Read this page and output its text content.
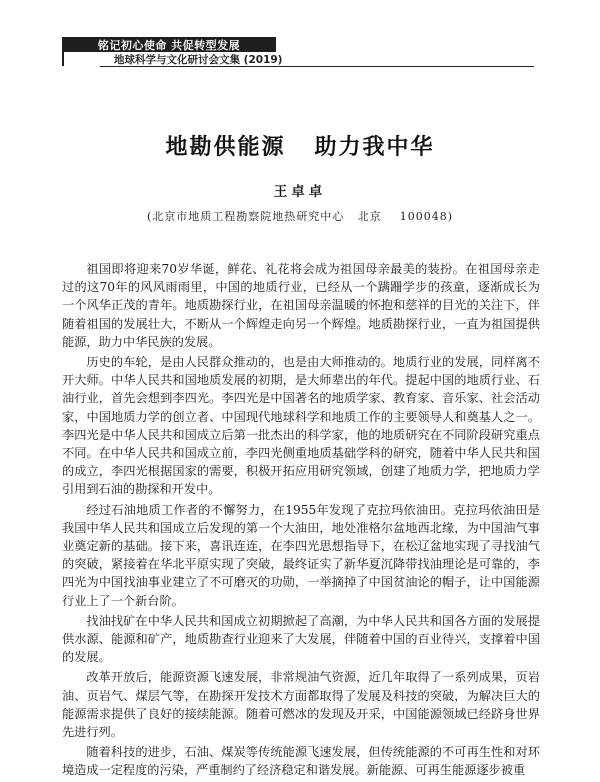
铭记初心使命 共促转型发展
地球科学与文化研讨会文集 (2019)
地勘供能源   助力我中华
王卓卓
(北京市地质工程勘察院地热研究中心   北京    100048)

祖国即将迎来70岁华诞，鲜花、礼花将会成为祖国母亲最美的装扮。在祖国母亲走过的这70年的风风雨雨里，中国的地质行业，已经从一个蹒跚学步的孩童，逐渐成长为一个风华正茂的青年。地质勘探行业，在祖国母亲温暖的怀抱和慈祥的目光的关注下，伴随着祖国的发展壮大，不断从一个辉煌走向另一个辉煌。地质勘探行业，一直为祖国提供能源，助力中华民族的发展。

历史的车轮，是由人民群众推动的，也是由大师推动的。地质行业的发展，同样离不开大师。中华人民共和国地质发展的初期，是大师辈出的年代。提起中国的地质行业、石油行业，首先会想到李四光。李四光是中国著名的地质学家、教育家、音乐家、社会活动家，中国地质力学的创立者、中国现代地球科学和地质工作的主要领导人和奠基人之一。李四光是中华人民共和国成立后第一批杰出的科学家，他的地质研究在不同阶段研究重点不同。在中华人民共和国成立前，李四光侧重地质基础学科的研究，随着中华人民共和国的成立，李四光根据国家的需要，积极开拓应用研究领域，创建了地质力学，把地质力学引用到石油的勘探和开发中。

经过石油地质工作者的不懈努力，在1955年发现了克拉玛依油田。克拉玛依油田是我国中华人民共和国成立后发现的第一个大油田，地处准格尔盆地西北缘，为中国油气事业奠定新的基础。接下来，喜讯连连，在李四光思想指导下，在松辽盆地实现了寻找油气的突破，紧接着在华北平原实现了突破，最终证实了新华夏沉降带找油理论是可靠的，李四光为中国找油事业建立了不可磨灭的功勋，一举摘掉了中国贫油论的帽子，让中国能源行业上了一个新台阶。

找油找矿在中华人民共和国成立初期掀起了高潮，为中华人民共和国各方面的发展提供水源、能源和矿产，地质勘查行业迎来了大发展，伴随着中国的百业待兴，支撑着中国的发展。

改革开放后，能源资源飞速发展，非常规油气资源，近几年取得了一系列成果，页岩油、页岩气、煤层气等，在勘探开发技术方面都取得了发展及科技的突破，为解决巨大的能源需求提供了良好的接续能源。随着可燃冰的发现及开采，中国能源领域已经跻身世界先进行列。

随着科技的进步，石油、煤炭等传统能源飞速发展，但传统能源的不可再生性和对环境造成一定程度的污染，严重制约了经济稳定和谐发展。新能源、可再生能源逐步被重
